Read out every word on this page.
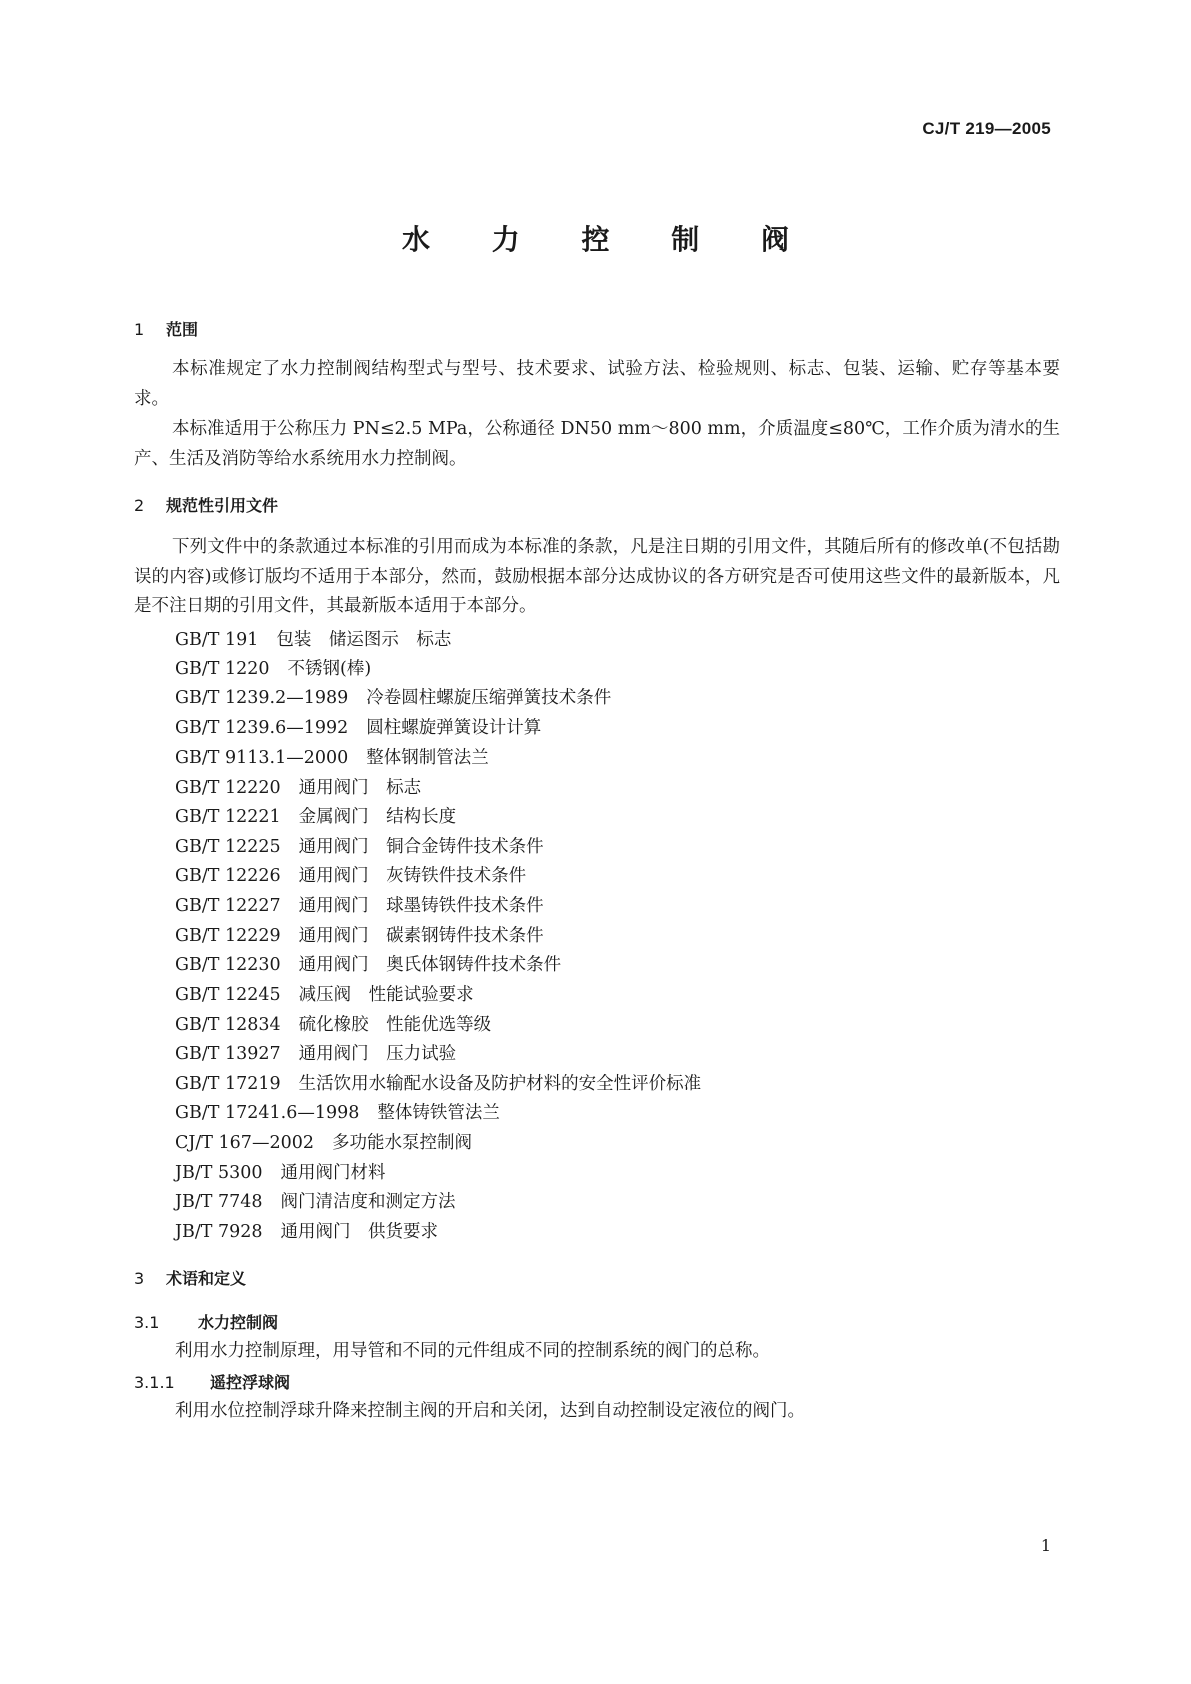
CJ/T 219—2005
水 力 控 制 阀
1 范围
本标准规定了水力控制阀结构型式与型号、技术要求、试验方法、检验规则、标志、包装、运输、贮存等基本要求。
本标准适用于公称压力 PN≤2.5 MPa，公称通径 DN50 mm～800 mm，介质温度≤80℃，工作介质为清水的生产、生活及消防等给水系统用水力控制阀。
2 规范性引用文件
下列文件中的条款通过本标准的引用而成为本标准的条款，凡是注日期的引用文件，其随后所有的修改单(不包括勘误的内容)或修订版均不适用于本部分，然而，鼓励根据本部分达成协议的各方研究是否可使用这些文件的最新版本，凡是不注日期的引用文件，其最新版本适用于本部分。
GB/T 191 包装　储运图示　标志
GB/T 1220 不锈钢(棒)
GB/T 1239.2—1989 冷卷圆柱螺旋压缩弹簧技术条件
GB/T 1239.6—1992 圆柱螺旋弹簧设计计算
GB/T 9113.1—2000 整体钢制管法兰
GB/T 12220 通用阀门　标志
GB/T 12221 金属阀门　结构长度
GB/T 12225 通用阀门　铜合金铸件技术条件
GB/T 12226 通用阀门　灰铸铁件技术条件
GB/T 12227 通用阀门　球墨铸铁件技术条件
GB/T 12229 通用阀门　碳素钢铸件技术条件
GB/T 12230 通用阀门　奥氏体钢铸件技术条件
GB/T 12245 减压阀　性能试验要求
GB/T 12834 硫化橡胶　性能优选等级
GB/T 13927 通用阀门　压力试验
GB/T 17219 生活饮用水输配水设备及防护材料的安全性评价标准
GB/T 17241.6—1998 整体铸铁管法兰
CJ/T 167—2002 多功能水泵控制阀
JB/T 5300 通用阀门材料
JB/T 7748 阀门清洁度和测定方法
JB/T 7928 通用阀门　供货要求
3 术语和定义
3.1 水力控制阀
利用水力控制原理，用导管和不同的元件组成不同的控制系统的阀门的总称。
3.1.1 遥控浮球阀
利用水位控制浮球升降来控制主阀的开启和关闭，达到自动控制设定液位的阀门。
1
